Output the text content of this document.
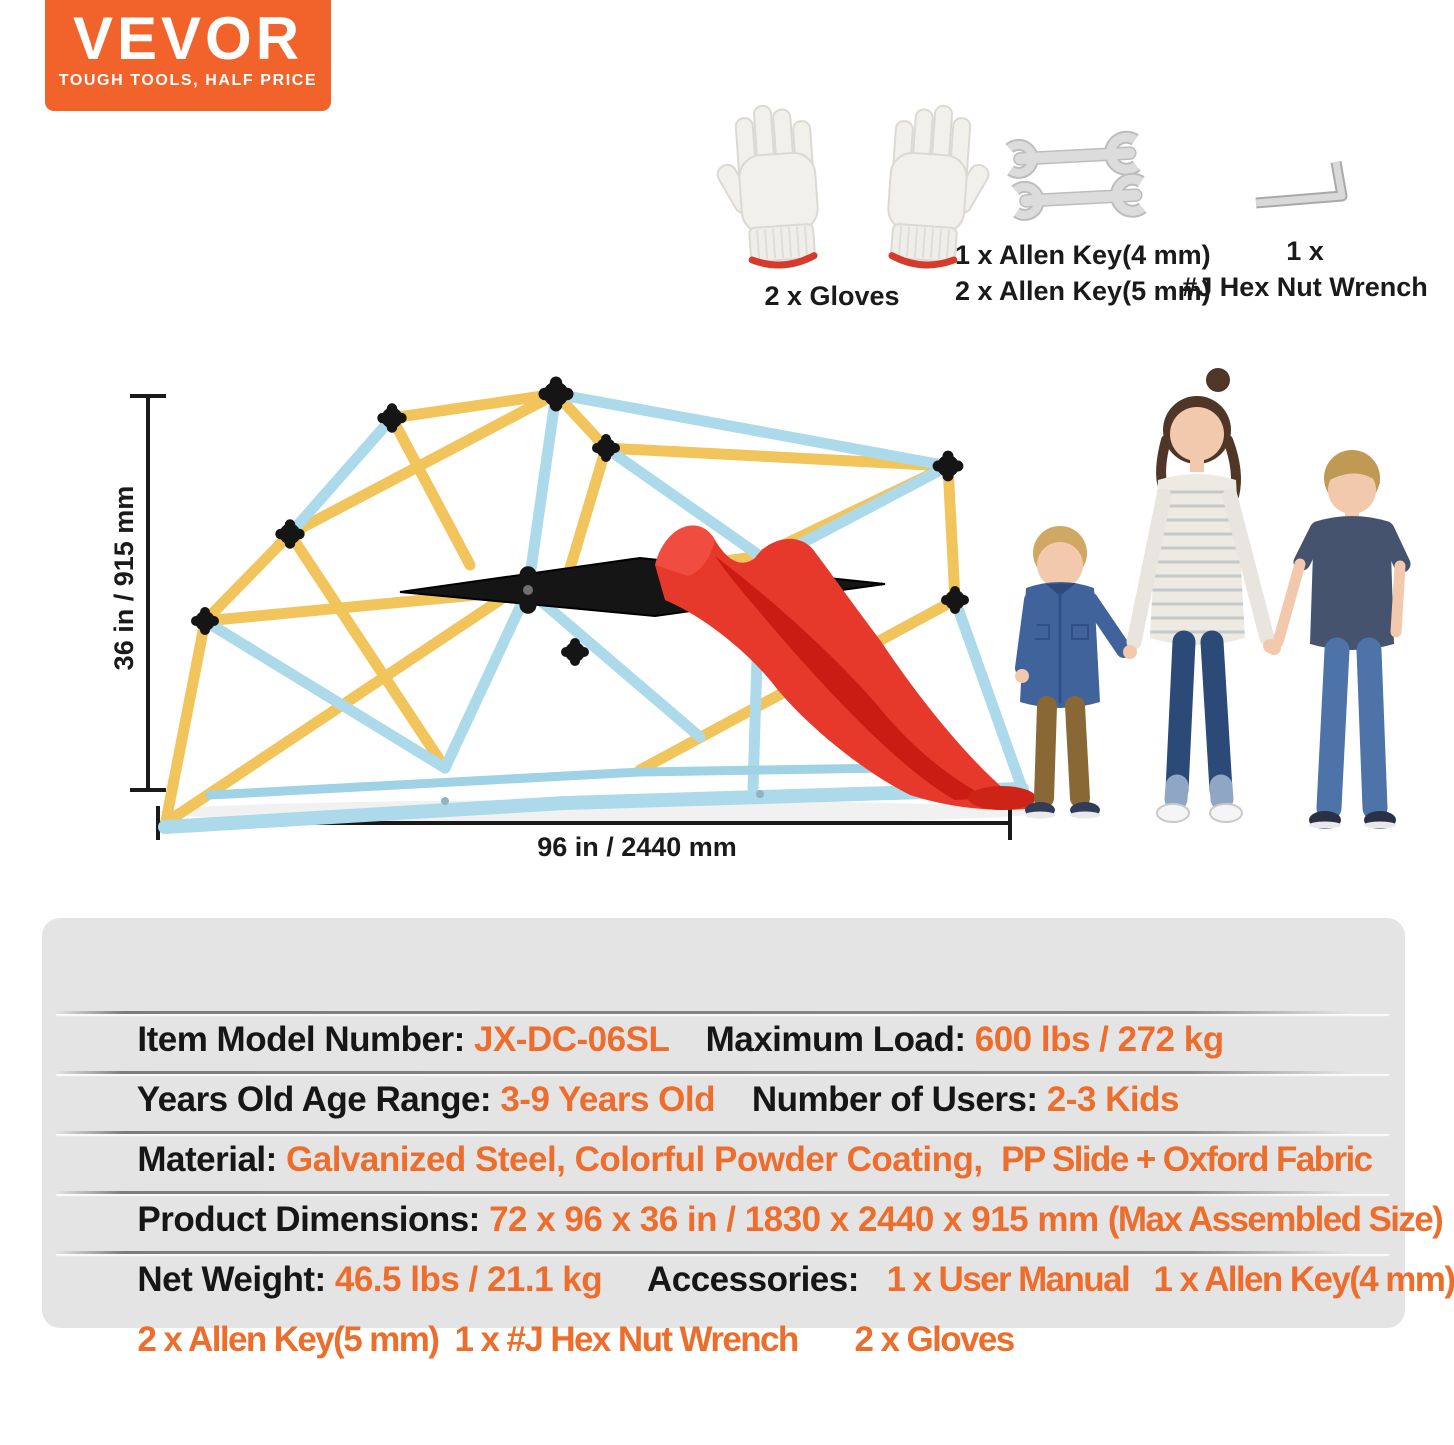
VEVOR
TOUGH TOOLS, HALF PRICE
2 x Gloves
1 x Allen Key(4 mm)
2 x Allen Key(5 mm)
1 x
#J Hex Nut Wrench
36 in / 915 mm
96 in / 2440 mm

Item Model Number: JX-DC-06SL    Maximum Load: 600 lbs / 272 kg

Years Old Age Range: 3-9 Years Old    Number of Users: 2-3 Kids

Material: Galvanized Steel, Colorful Powder Coating,  PP Slide + Oxford Fabric

Product Dimensions: 72 x 96 x 36 in / 1830 x 2440 x 915 mm (Max Assembled Size)

Net Weight: 46.5 lbs / 21.1 kg     Accessories:   1 x User Manual   1 x Allen Key(4 mm)

2 x Allen Key(5 mm)  1 x #J Hex Nut Wrench       2 x Gloves
